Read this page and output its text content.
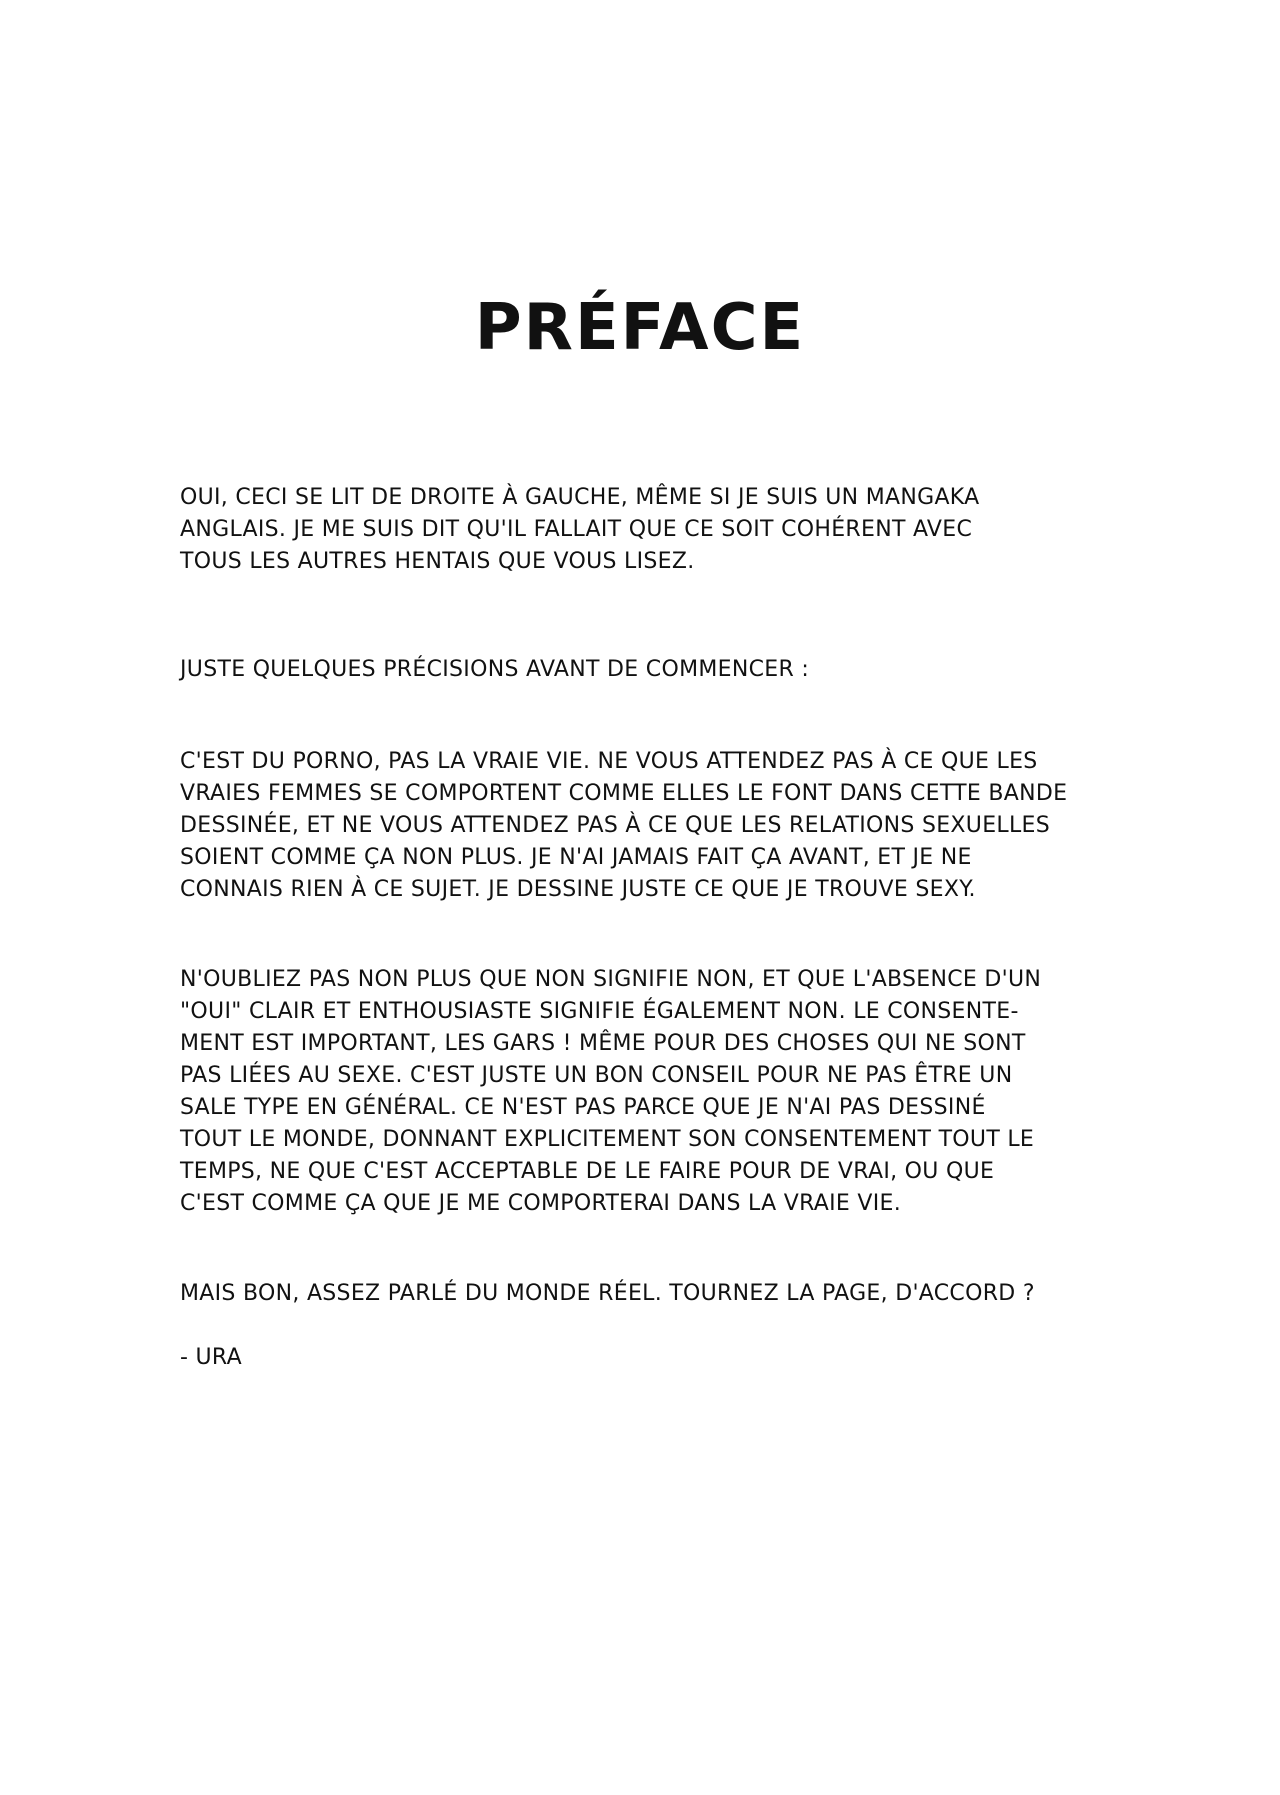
PRÉFACE
OUI, CECI SE LIT DE DROITE À GAUCHE, MÊME SI JE SUIS UN MANGAKA
ANGLAIS. JE ME SUIS DIT QU'IL FALLAIT QUE CE SOIT COHÉRENT AVEC
TOUS LES AUTRES HENTAIS QUE VOUS LISEZ.
JUSTE QUELQUES PRÉCISIONS AVANT DE COMMENCER :
C'EST DU PORNO, PAS LA VRAIE VIE. NE VOUS ATTENDEZ PAS À CE QUE LES
VRAIES FEMMES SE COMPORTENT COMME ELLES LE FONT DANS CETTE BANDE
DESSINÉE, ET NE VOUS ATTENDEZ PAS À CE QUE LES RELATIONS SEXUELLES
SOIENT COMME ÇA NON PLUS. JE N'AI JAMAIS FAIT ÇA AVANT, ET JE NE
CONNAIS RIEN À CE SUJET. JE DESSINE JUSTE CE QUE JE TROUVE SEXY.
N'OUBLIEZ PAS NON PLUS QUE NON SIGNIFIE NON, ET QUE L'ABSENCE D'UN
"OUI" CLAIR ET ENTHOUSIASTE SIGNIFIE ÉGALEMENT NON. LE CONSENTE-
MENT EST IMPORTANT, LES GARS ! MÊME POUR DES CHOSES QUI NE SONT
PAS LIÉES AU SEXE. C'EST JUSTE UN BON CONSEIL POUR NE PAS ÊTRE UN
SALE TYPE EN GÉNÉRAL. CE N'EST PAS PARCE QUE JE N'AI PAS DESSINÉ
TOUT LE MONDE, DONNANT EXPLICITEMENT SON CONSENTEMENT TOUT LE
TEMPS, NE QUE C'EST ACCEPTABLE DE LE FAIRE POUR DE VRAI, OU QUE
C'EST COMME ÇA QUE JE ME COMPORTERAI DANS LA VRAIE VIE.
MAIS BON, ASSEZ PARLÉ DU MONDE RÉEL. TOURNEZ LA PAGE, D'ACCORD ?
- URA
